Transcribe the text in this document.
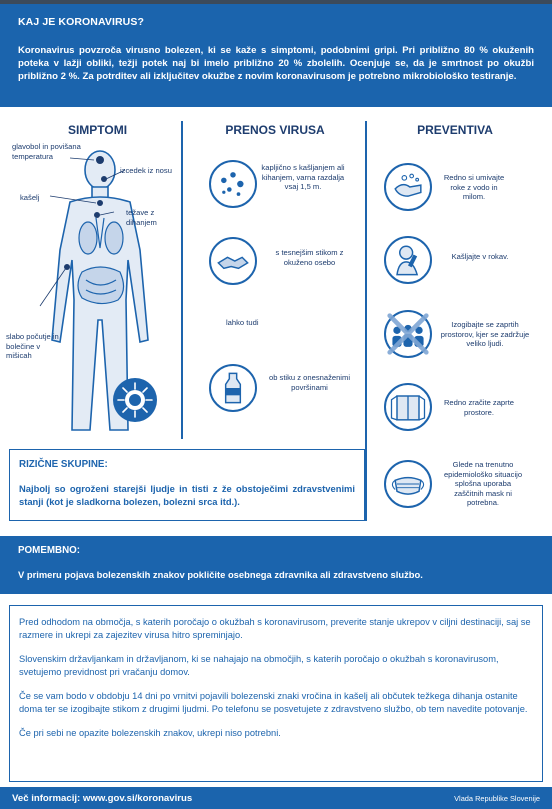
KAJ JE KORONAVIRUS?

Koronavirus povzroča virusno bolezen, ki se kaže s simptomi, podobnimi gripi. Pri približno 80 % okuženih poteka v lažji obliki, težji potek naj bi imelo približno 20 % zbolelih. Ocenjuje se, da je smrtnost po okužbi približno 2 %. Za potrditev ali izključitev okužbe z novim koronavirusom je potrebno mikrobiološko testiranje.

SIMPTOMI	PRENOS VIRUSA	PREVENTIVA
glavobol in povišana temperatura
izcedek iz nosu
kašelj
težave z dihanjem
slabo počutje in bolečine v mišicah
kapljično s kašljanjem ali kihanjem, varna razdalja vsaj 1,5 m.
s tesnejšim stikom z okuženo osebo
lahko tudi
ob stiku z onesnaženimi površinami
Redno si umivajte roke z vodo in milom.
Kašljajte v rokav.
Izogibajte se zaprtih prostorov, kjer se zadržuje veliko ljudi.
Redno zračite zaprte prostore.
Glede na trenutno epidemiološko situacijo splošna uporaba zaščitnih mask ni potrebna.
RIZIČNE SKUPINE:

Najbolj so ogroženi starejši ljudje in tisti z že obstoječimi zdravstvenimi stanji (kot je sladkorna bolezen, bolezni srca itd.).

POMEMBNO:

V primeru pojava bolezenskih znakov pokličite osebnega zdravnika ali zdravstveno službo.

Pred odhodom na območja, s katerih poročajo o okužbah s koronavirusom, preverite stanje ukrepov v ciljni destinaciji, saj se razmere in ukrepi za zajezitev virusa hitro spreminjajo.

Slovenskim državljankam in državljanom, ki se nahajajo na območjih, s katerih poročajo o okužbah s koronavirusom, svetujemo previdnost pri vračanju domov.

Če se vam bodo v obdobju 14 dni po vrnitvi pojavili bolezenski znaki vročina in kašelj ali občutek težkega dihanja ostanite doma ter se izogibajte stikom z drugimi ljudmi. Po telefonu se posvetujete z zdravstveno službo, ob tem navedite potovanje.

Če pri sebi ne opazite bolezenskih znakov, ukrepi niso potrebni.

Več informacij: www.gov.si/koronavirus	Vlada Republike Slovenije
